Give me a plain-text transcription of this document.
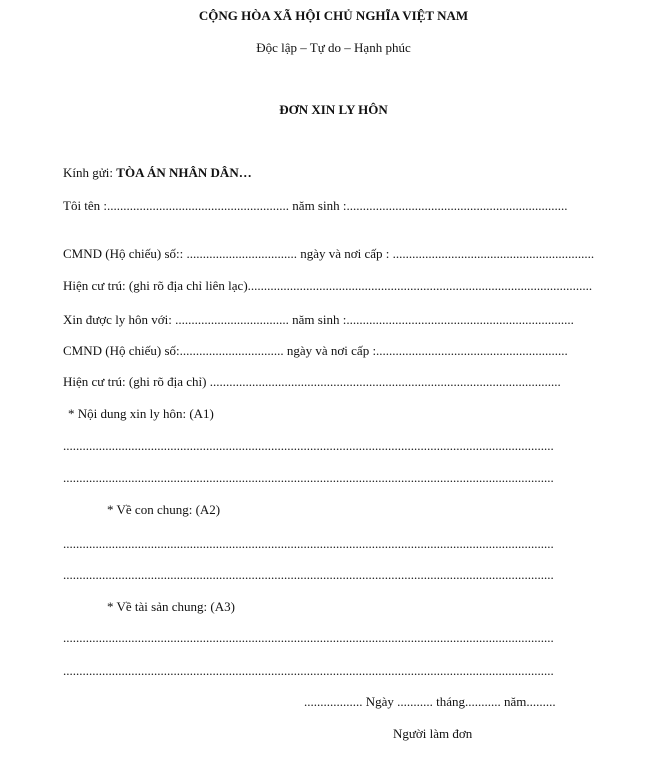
CỘNG HÒA XÃ HỘI CHỦ NGHĨA VIỆT NAM
Độc lập – Tự do – Hạnh phúc
ĐƠN XIN LY HÔN
Kính gửi: TÒA ÁN NHÂN DÂN…
Tôi tên :........................................................ năm sinh :....................................................................
CMND (Hộ chiếu) số:: .................................. ngày và nơi cấp : ..............................................................
Hiện cư trú: (ghi rõ địa chỉ liên lạc)..........................................................................................................
Xin được ly hôn với: ................................... năm sinh :......................................................................
CMND (Hộ chiếu) số:................................ ngày và nơi cấp :...........................................................
Hiện cư trú: (ghi rõ địa chỉ) ............................................................................................................
* Nội dung xin ly hôn: (A1)
.......................................................................................................................................................
.......................................................................................................................................................
* Về con chung: (A2)
.......................................................................................................................................................
.......................................................................................................................................................
* Về tài sản chung: (A3)
.......................................................................................................................................................
.......................................................................................................................................................
.................. Ngày ........... tháng........... năm.........
Người làm đơn
